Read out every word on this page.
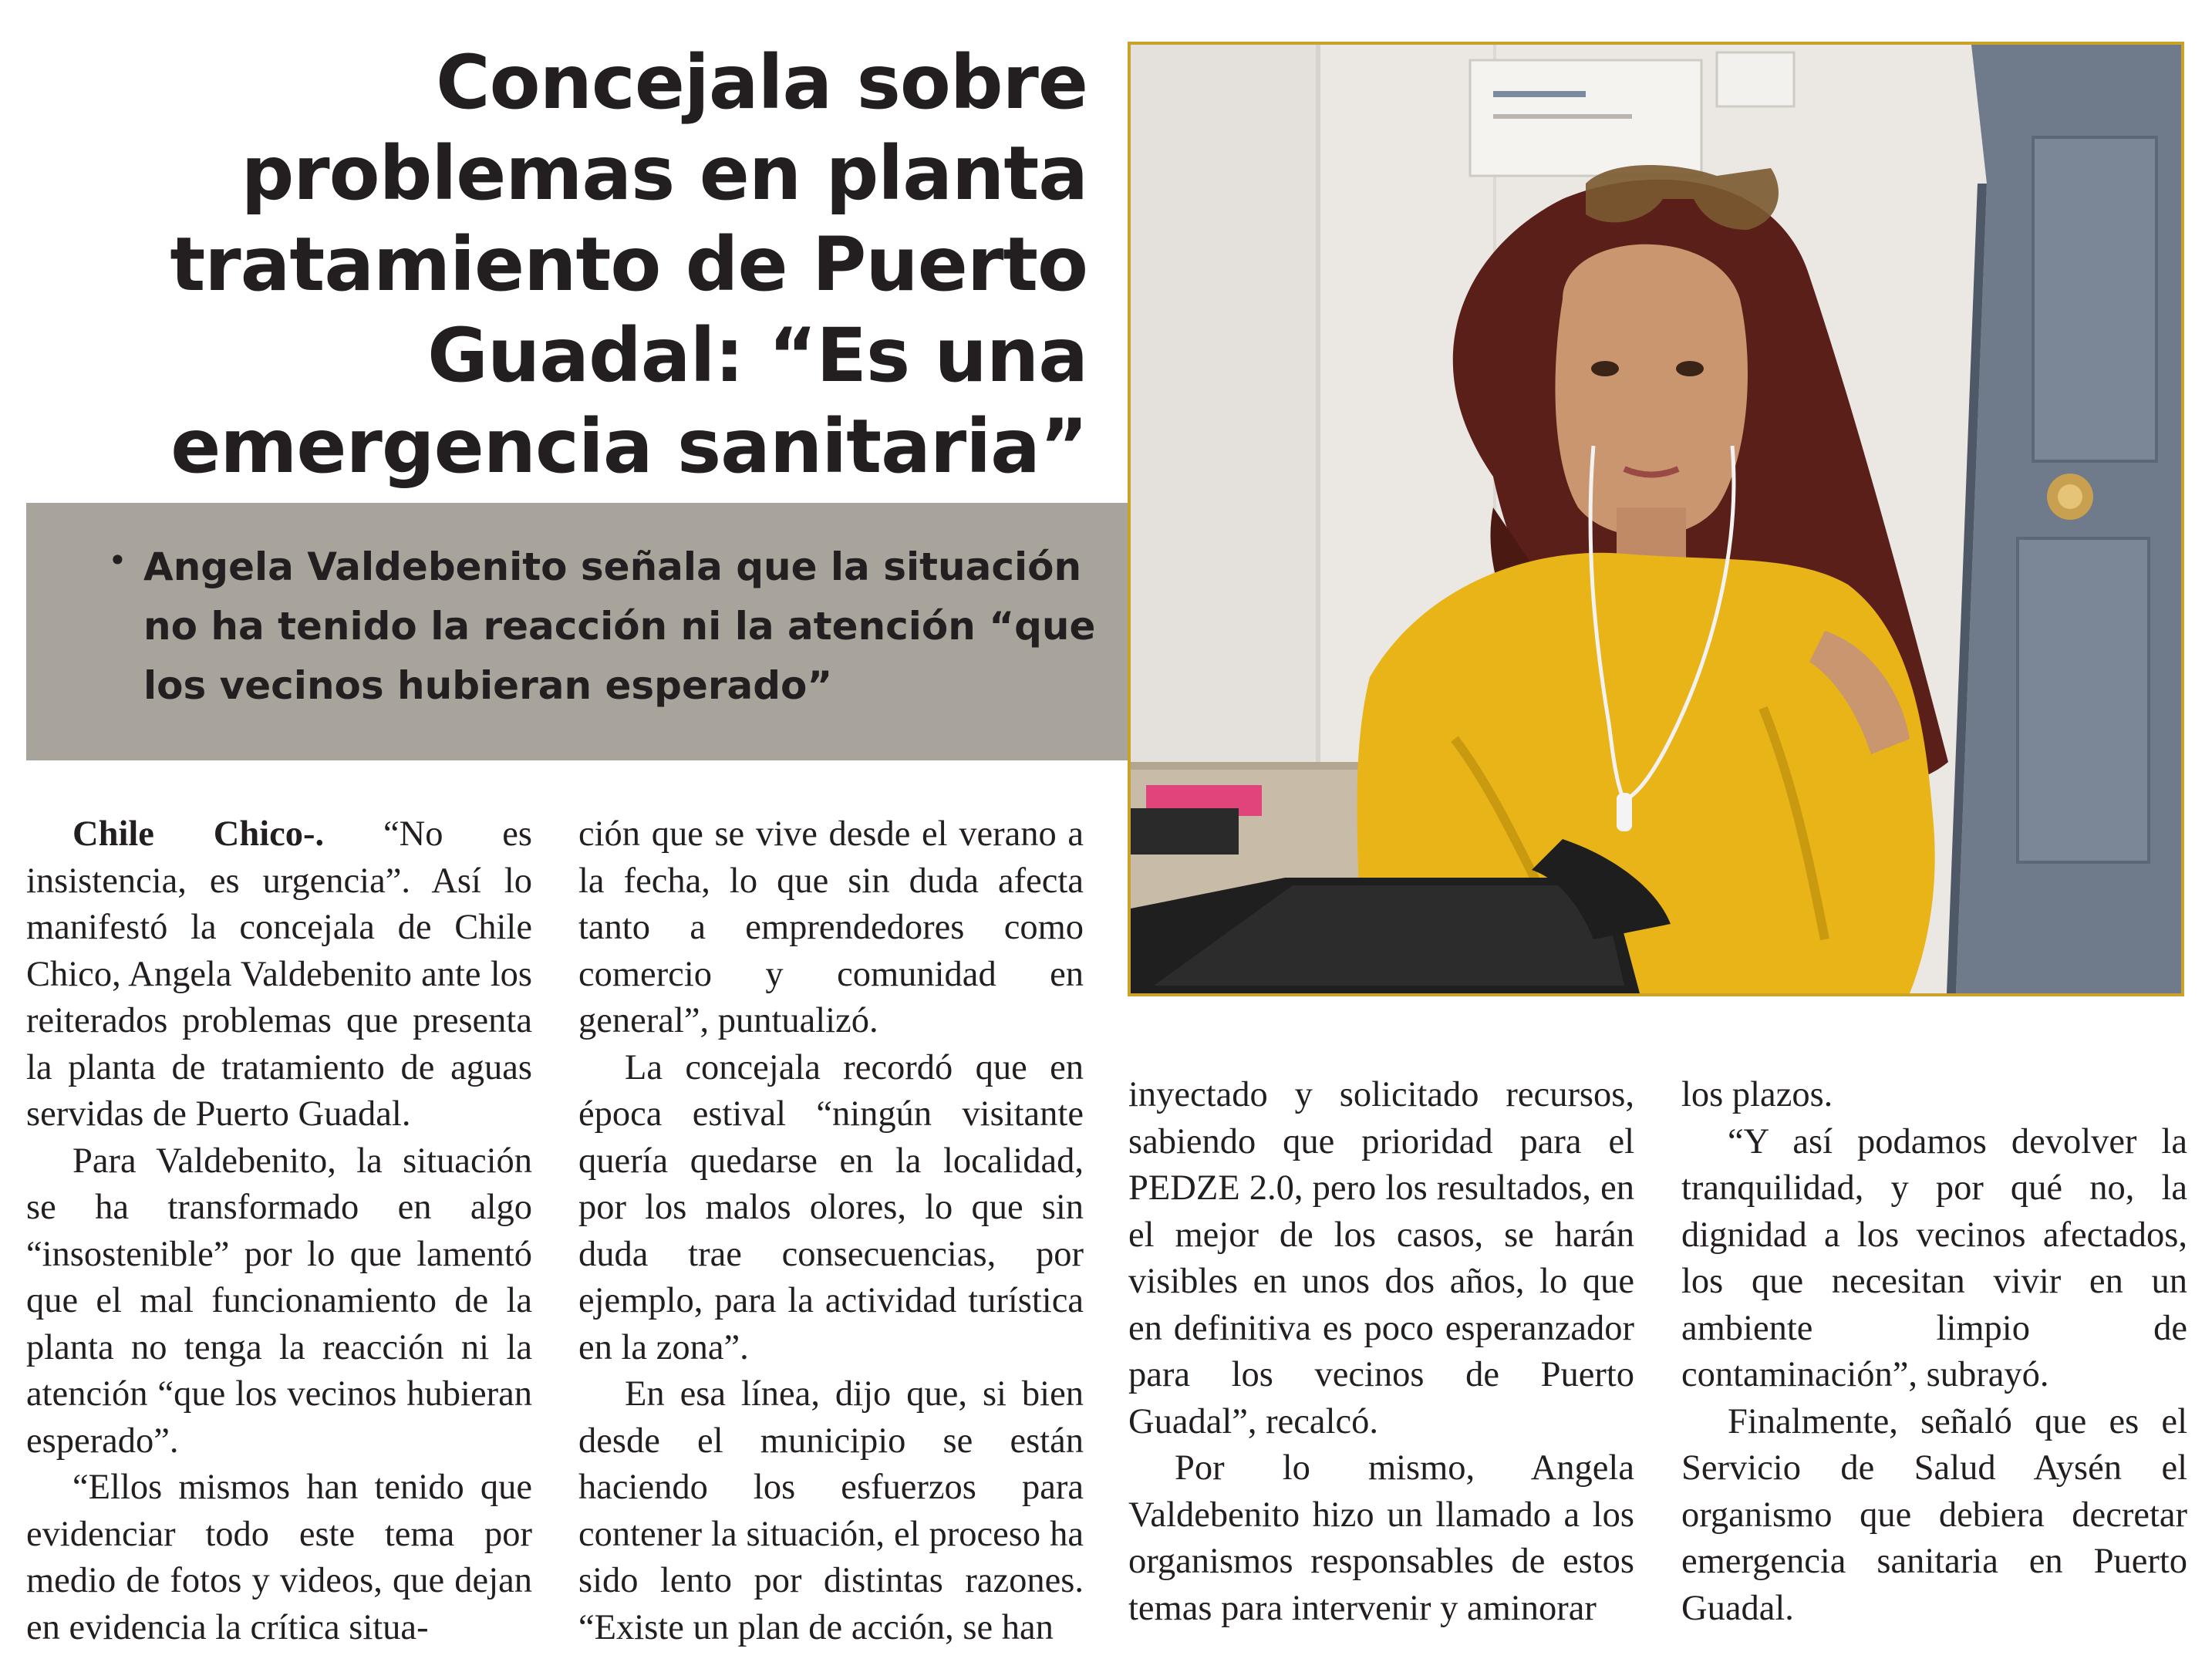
Concejala sobre problemas en planta tratamiento de Puerto Guadal: “Es una emergencia sanitaria”
• Angela Valdebenito señala que la situación no ha tenido la reacción ni la atención “que los vecinos hubieran esperado”

Chile Chico-. “No es insistencia, es urgencia”. Así lo manifestó la concejala de Chile Chico, Angela Valdebenito ante los reiterados problemas que presenta la planta de tratamiento de aguas servidas de Puerto Guadal.

Para Valdebenito, la situación se ha transformado en algo “insostenible” por lo que lamentó que el mal funcionamiento de la planta no tenga la reacción ni la atención “que los vecinos hubieran esperado”.

“Ellos mismos han tenido que evidenciar todo este tema por medio de fotos y videos, que dejan en evidencia la crítica situa-

ción que se vive desde el verano a la fecha, lo que sin duda afecta tanto a emprendedores como comercio y comunidad en general”, puntualizó.

La concejala recordó que en época estival “ningún visitante quería quedarse en la localidad, por los malos olores, lo que sin duda trae consecuencias, por ejemplo, para la actividad turística en la zona”.

En esa línea, dijo que, si bien desde el municipio se están haciendo los esfuerzos para contener la situación, el proceso ha sido lento por distintas razones. “Existe un plan de acción, se han

inyectado y solicitado recursos, sabiendo que prioridad para el PEDZE 2.0, pero los resultados, en el mejor de los casos, se harán visibles en unos dos años, lo que en definitiva es poco esperanzador para los vecinos de Puerto Guadal”, recalcó.

Por lo mismo, Angela Valdebenito hizo un llamado a los organismos responsables de estos temas para intervenir y aminorar

los plazos.

“Y así podamos devolver la tranquilidad, y por qué no, la dignidad a los vecinos afectados, los que necesitan vivir en un ambiente limpio de contaminación”, subrayó.

Finalmente, señaló que es el Servicio de Salud Aysén el organismo que debiera decretar emergencia sanitaria en Puerto Guadal.
